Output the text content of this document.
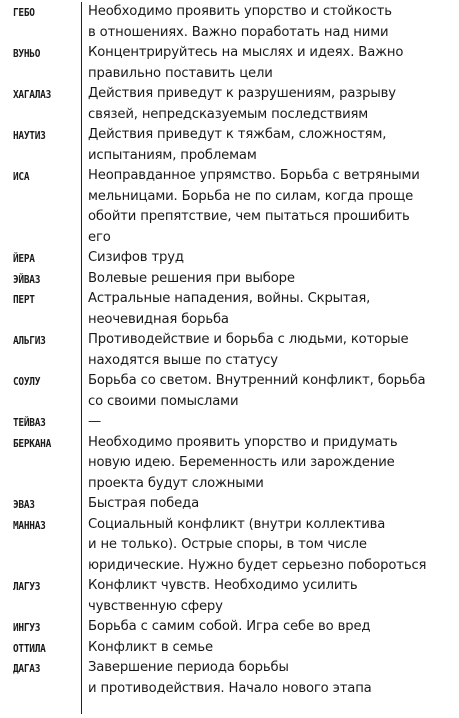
ГЕБО	Необходимо проявить упорство и стойкость
в отношениях. Важно поработать над ними
ВУНЬО	Концентрируйтесь на мыслях и идеях. Важно
правильно поставить цели
ХАГАЛАЗ	Действия приведут к разрушениям, разрыву
связей, непредсказуемым последствиям
НАУТИЗ	Действия приведут к тяжбам, сложностям,
испытаниям, проблемам
ИСА	Неоправданное упрямство. Борьба с ветряными
мельницами. Борьба не по силам, когда проще
обойти препятствие, чем пытаться прошибить
его
ЙЕРА	Сизифов труд
ЭЙВАЗ	Волевые решения при выборе
ПЕРТ	Астральные нападения, войны. Скрытая,
неочевидная борьба
АЛЬГИЗ	Противодействие и борьба с людьми, которые
находятся выше по статусу
СОУЛУ	Борьба со светом. Внутренний конфликт, борьба
со своими помыслами
ТЕЙВАЗ	—
БЕРКАНА	Необходимо проявить упорство и придумать
новую идею. Беременность или зарождение
проекта будут сложными
ЭВАЗ	Быстрая победа
МАННАЗ	Социальный конфликт (внутри коллектива
и не только). Острые споры, в том числе
юридические. Нужно будет серьезно побороться
ЛАГУЗ	Конфликт чувств. Необходимо усилить
чувственную сферу
ИНГУЗ	Борьба с самим собой. Игра себе во вред
ОТТИЛА	Конфликт в семье
ДАГАЗ	Завершение периода борьбы
и противодействия. Начало нового этапа
